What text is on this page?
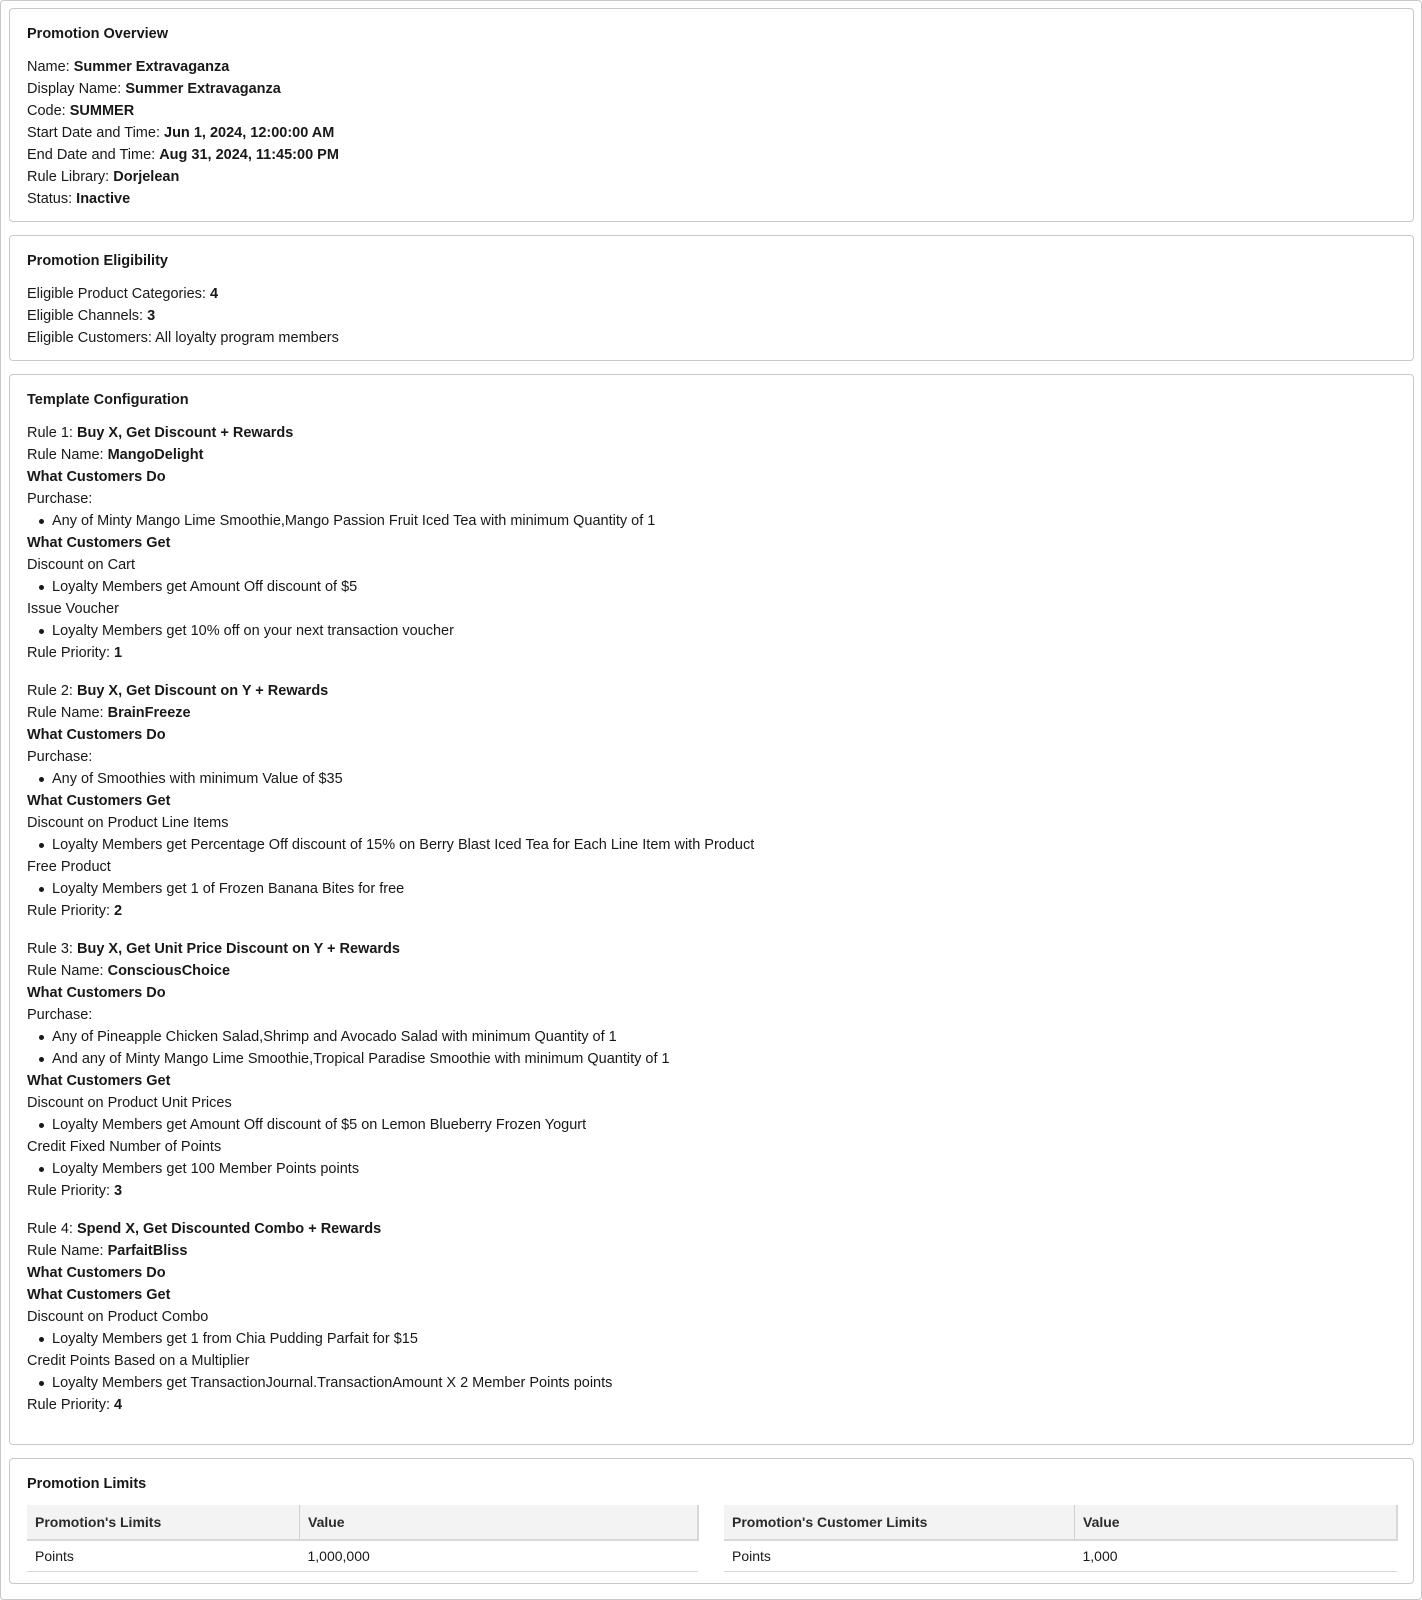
Promotion Overview
Name: Summer Extravaganza
Display Name: Summer Extravaganza
Code: SUMMER
Start Date and Time: Jun 1, 2024, 12:00:00 AM
End Date and Time: Aug 31, 2024, 11:45:00 PM
Rule Library: Dorjelean
Status: Inactive
Promotion Eligibility
Eligible Product Categories: 4
Eligible Channels: 3
Eligible Customers: All loyalty program members
Template Configuration
Rule 1: Buy X, Get Discount + Rewards
Rule Name: MangoDelight
What Customers Do
Purchase:
Any of Minty Mango Lime Smoothie,Mango Passion Fruit Iced Tea with minimum Quantity of 1
What Customers Get
Discount on Cart
Loyalty Members get Amount Off discount of $5
Issue Voucher
Loyalty Members get 10% off on your next transaction voucher
Rule Priority: 1
Rule 2: Buy X, Get Discount on Y + Rewards
Rule Name: BrainFreeze
What Customers Do
Purchase:
Any of Smoothies with minimum Value of $35
What Customers Get
Discount on Product Line Items
Loyalty Members get Percentage Off discount of 15% on Berry Blast Iced Tea for Each Line Item with Product
Free Product
Loyalty Members get 1 of Frozen Banana Bites for free
Rule Priority: 2
Rule 3: Buy X, Get Unit Price Discount on Y + Rewards
Rule Name: ConsciousChoice
What Customers Do
Purchase:
Any of Pineapple Chicken Salad,Shrimp and Avocado Salad with minimum Quantity of 1
And any of Minty Mango Lime Smoothie,Tropical Paradise Smoothie with minimum Quantity of 1
What Customers Get
Discount on Product Unit Prices
Loyalty Members get Amount Off discount of $5 on Lemon Blueberry Frozen Yogurt
Credit Fixed Number of Points
Loyalty Members get 100 Member Points points
Rule Priority: 3
Rule 4: Spend X, Get Discounted Combo + Rewards
Rule Name: ParfaitBliss
What Customers Do
What Customers Get
Discount on Product Combo
Loyalty Members get 1 from Chia Pudding Parfait for $15
Credit Points Based on a Multiplier
Loyalty Members get TransactionJournal.TransactionAmount X 2 Member Points points
Rule Priority: 4
Promotion Limits
Promotion's Limits	Value
Points	1,000,000
Promotion's Customer Limits	Value
Points	1,000
